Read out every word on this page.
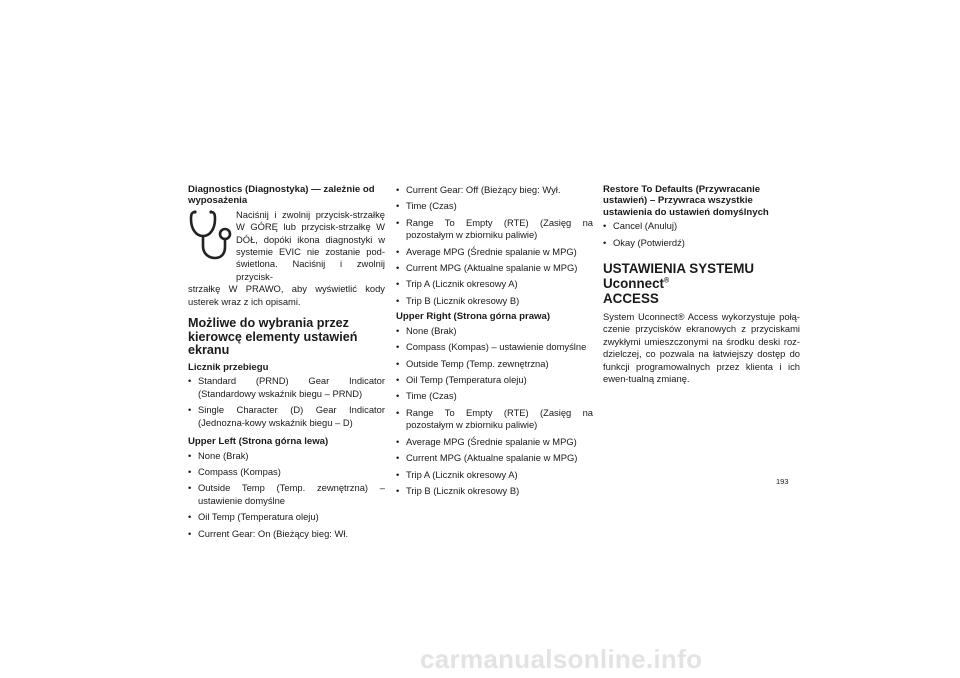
Diagnostics (Diagnostyka) — zależnie od wyposażenia
Naciśnij i zwolnij przycisk-strzałkę W GÓRĘ lub przycisk-strzałkę W DÓŁ, dopóki ikona diagnostyki w systemie EVIC nie zostanie pod-świetlona. Naciśnij i zwolnij przycisk-

strzałkę W PRAWO, aby wyświetlić kody usterek wraz z ich opisami.

Możliwe do wybrania przez kierowcę elementy ustawień ekranu
Licznik przebiegu
• Standard (PRND) Gear Indicator (Standardowy wskaźnik biegu – PRND)
• Single Character (D) Gear Indicator (Jednozna-kowy wskaźnik biegu – D)
Upper Left (Strona górna lewa)
• None (Brak)
• Compass (Kompas)
• Outside Temp (Temp. zewnętrzna) – ustawienie domyślne
• Oil Temp (Temperatura oleju)
• Current Gear: On (Bieżący bieg: Wł.
• Current Gear: Off (Bieżący bieg: Wył.
• Time (Czas)
• Range To Empty (RTE) (Zasięg na pozostałym w zbiorniku paliwie)
• Average MPG (Średnie spalanie w MPG)
• Current MPG (Aktualne spalanie w MPG)
• Trip A (Licznik okresowy A)
• Trip B (Licznik okresowy B)
Upper Right (Strona górna prawa)
• None (Brak)
• Compass (Kompas) – ustawienie domyślne
• Outside Temp (Temp. zewnętrzna)
• Oil Temp (Temperatura oleju)
• Time (Czas)
• Range To Empty (RTE) (Zasięg na pozostałym w zbiorniku paliwie)
• Average MPG (Średnie spalanie w MPG)
• Current MPG (Aktualne spalanie w MPG)
• Trip A (Licznik okresowy A)
• Trip B (Licznik okresowy B)
Restore To Defaults (Przywracanie ustawień) – Przywraca wszystkie ustawienia do ustawień domyślnych
• Cancel (Anuluj)
• Okay (Potwierdź)
USTAWIENIA SYSTEMU Uconnect®
ACCESS

System Uconnect® Access wykorzystuje połą-czenie przycisków ekranowych z przyciskami zwykłymi umieszczonymi na środku deski roz-dzielczej, co pozwala na łatwiejszy dostęp do funkcji programowalnych przez klienta i ich ewen-tualną zmianę.

193
carmanualsonline.info
